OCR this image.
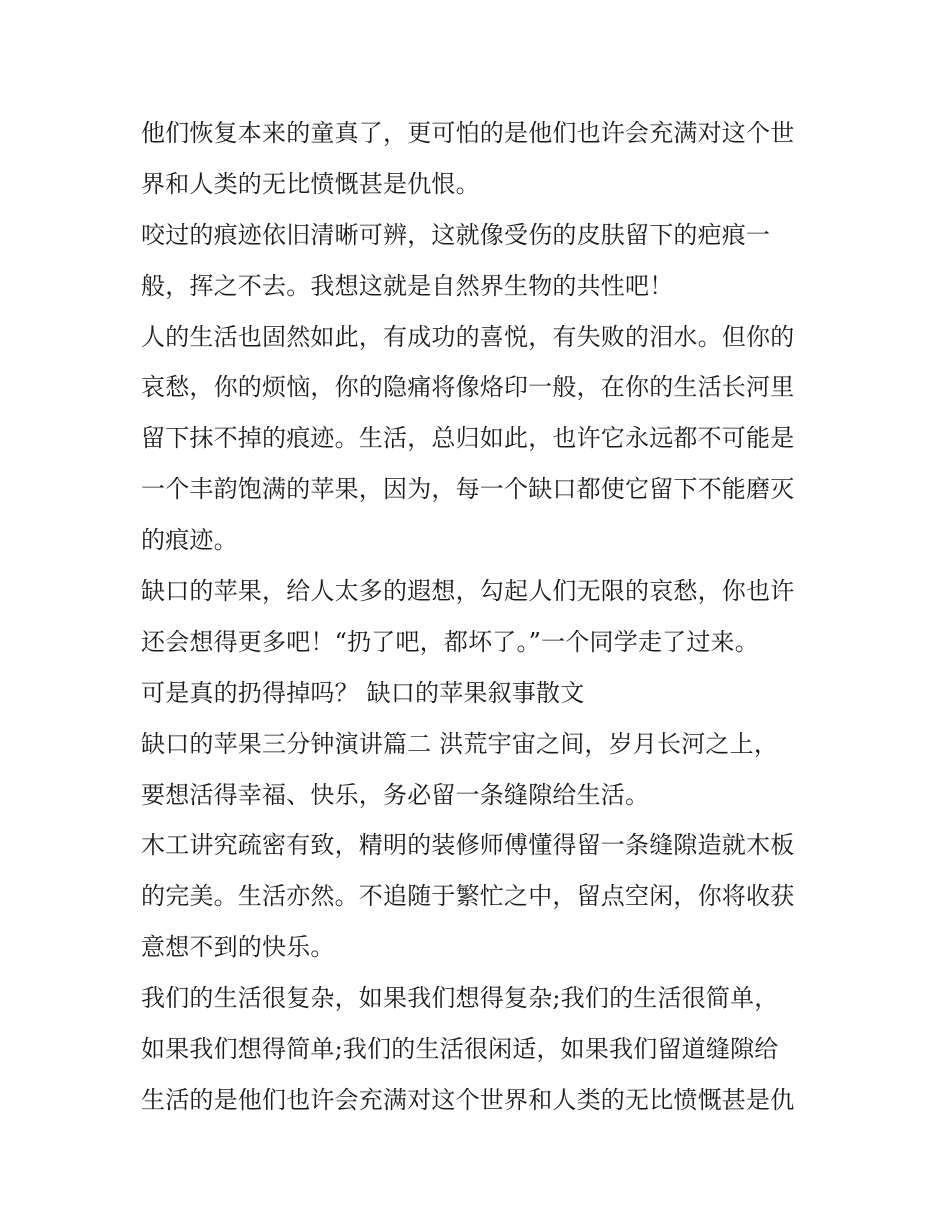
他们恢复本来的童真了，更可怕的是他们也许会充满对这个世
界和人类的无比愤慨甚是仇恨。
咬过的痕迹依旧清晰可辨，这就像受伤的皮肤留下的疤痕一
般，挥之不去。我想这就是自然界生物的共性吧！
人的生活也固然如此，有成功的喜悦，有失败的泪水。但你的
哀愁，你的烦恼，你的隐痛将像烙印一般，在你的生活长河里
留下抹不掉的痕迹。生活，总归如此，也许它永远都不可能是
一个丰韵饱满的苹果，因为，每一个缺口都使它留下不能磨灭
的痕迹。
缺口的苹果，给人太多的遐想，勾起人们无限的哀愁，你也许
还会想得更多吧！“扔了吧，都坏了。”一个同学走了过来。
可是真的扔得掉吗？ 缺口的苹果叙事散文
缺口的苹果三分钟演讲篇二 洪荒宇宙之间，岁月长河之上，
要想活得幸福、快乐，务必留一条缝隙给生活。
木工讲究疏密有致，精明的装修师傅懂得留一条缝隙造就木板
的完美。生活亦然。不追随于繁忙之中，留点空闲，你将收获
意想不到的快乐。
我们的生活很复杂，如果我们想得复杂;我们的生活很简单，
如果我们想得简单;我们的生活很闲适，如果我们留道缝隙给
生活的是他们也许会充满对这个世界和人类的无比愤慨甚是仇
